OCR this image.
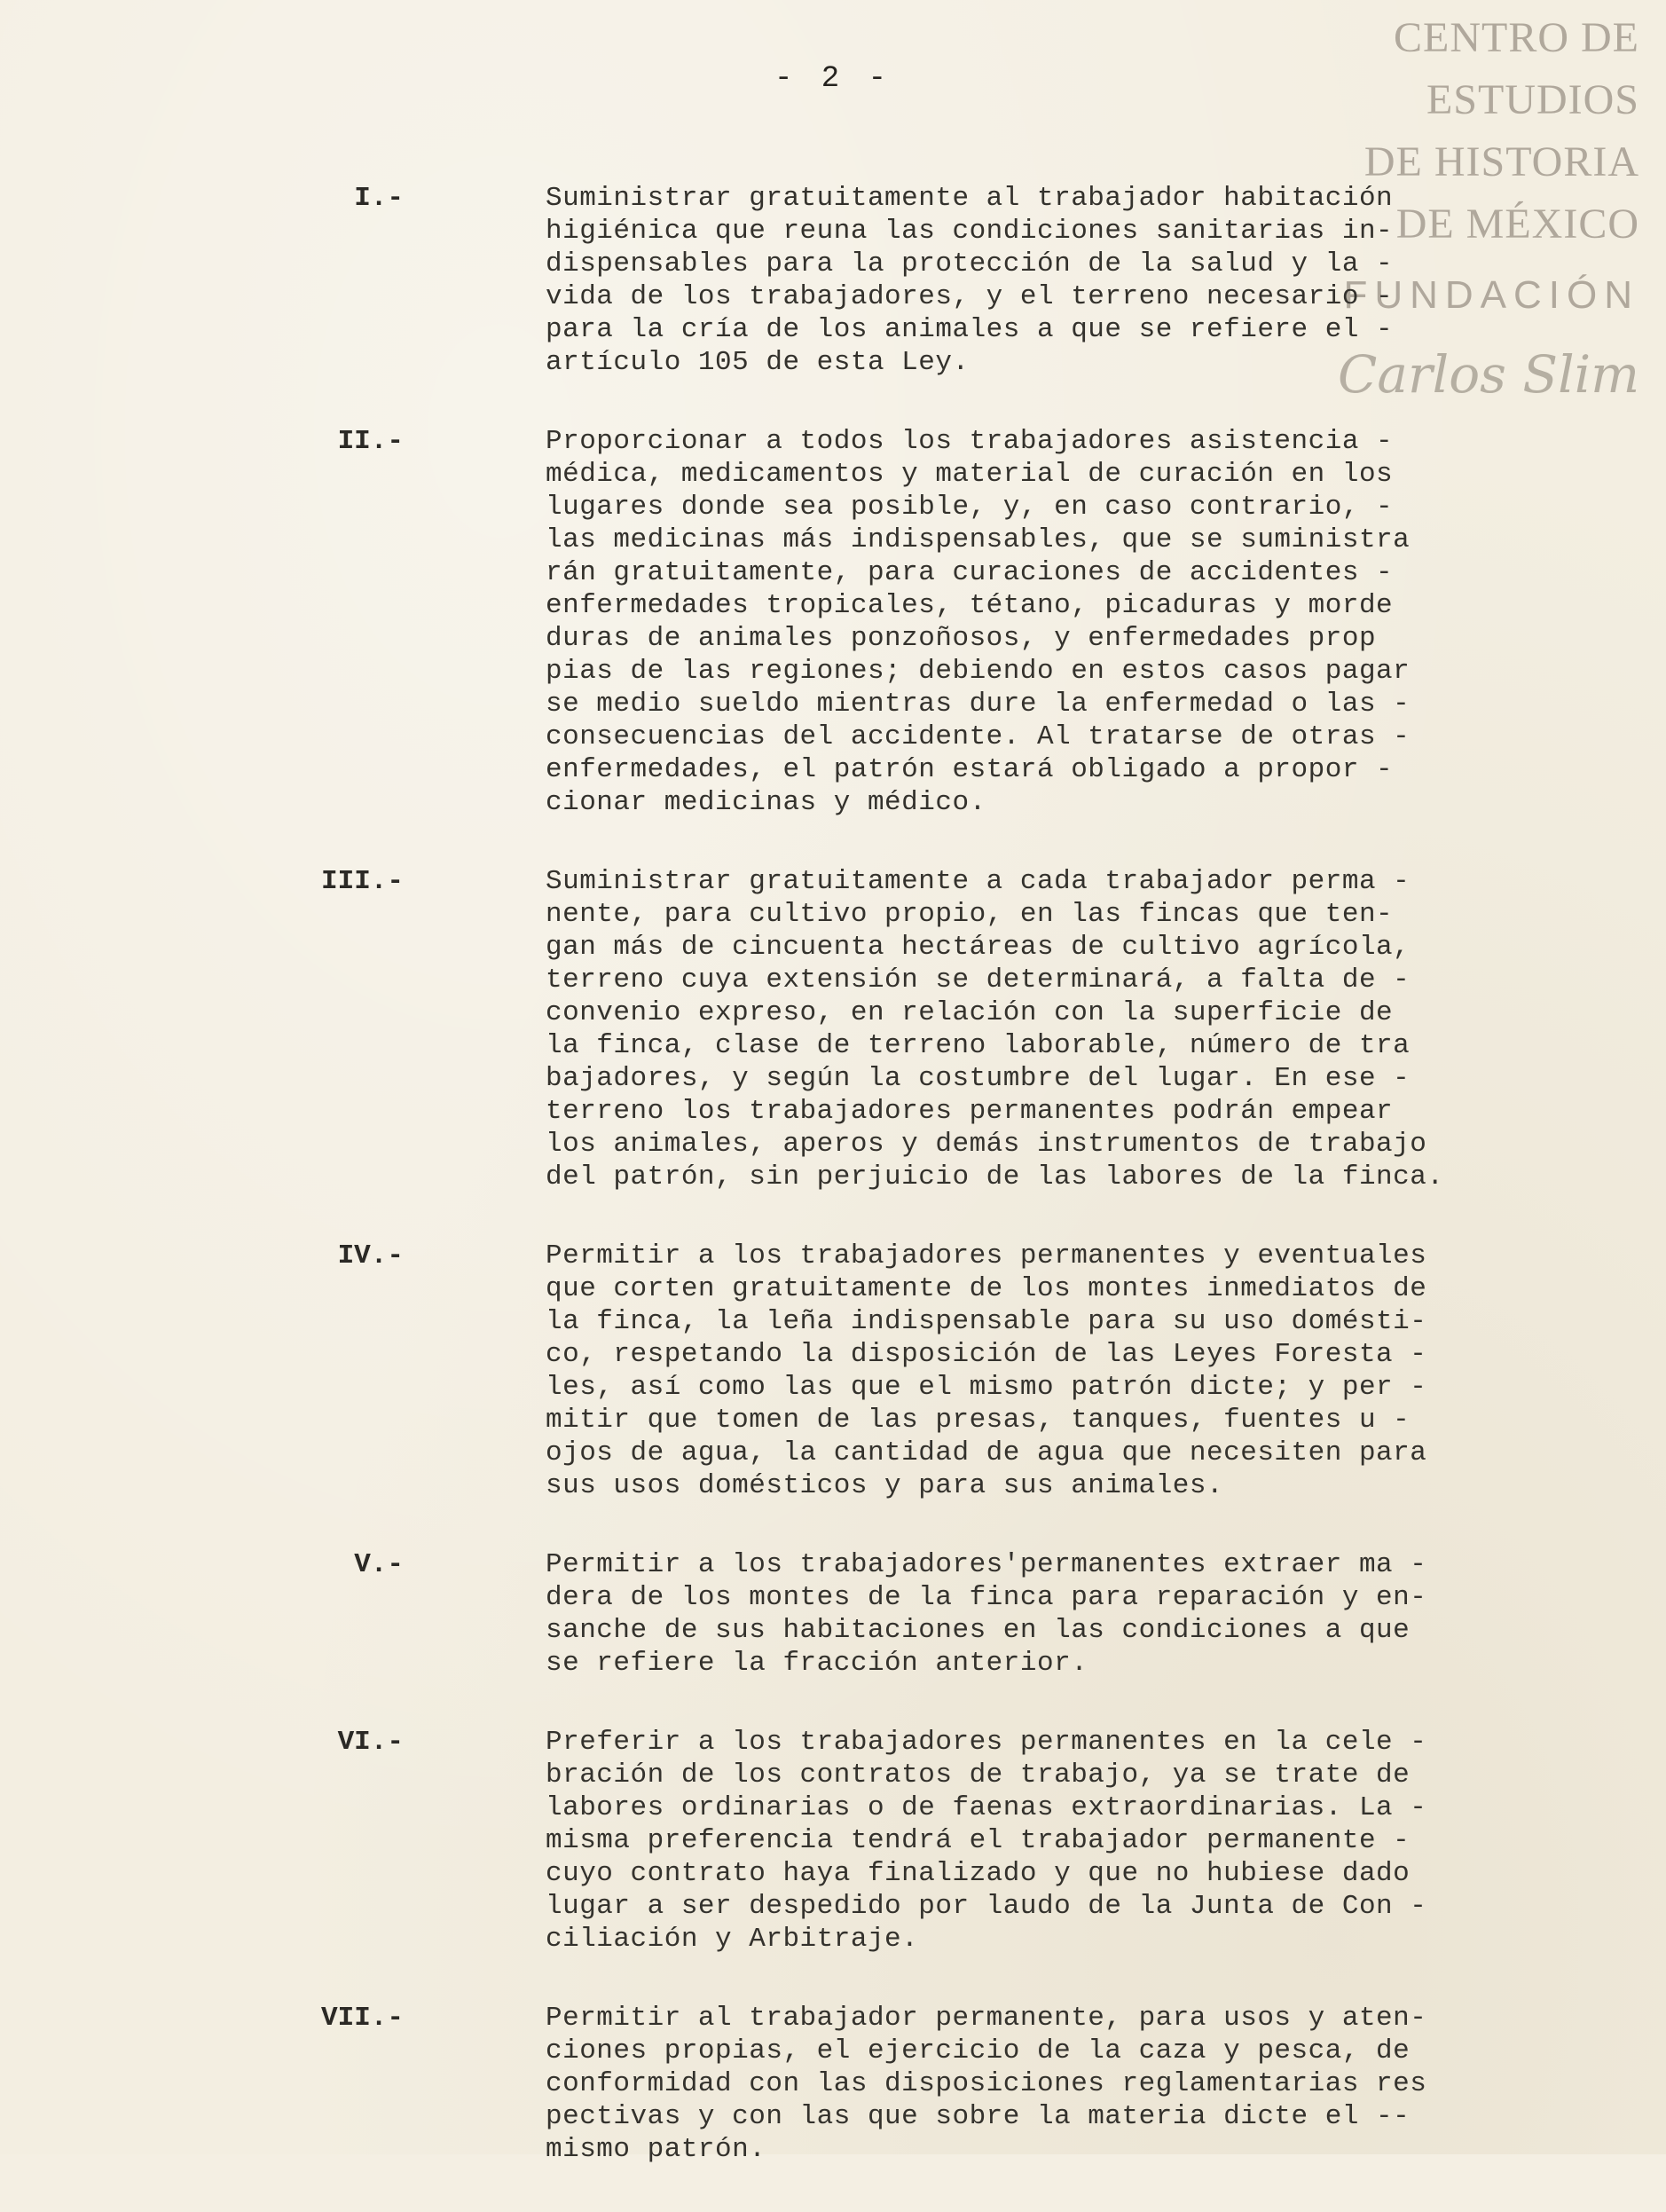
CENTRO DE
ESTUDIOS
DE HISTORIA
DE MÉXICO
FUNDACIÓN
Carlos Slim
- 2 -
I.-	Suministrar gratuitamente al trabajador habitación
higiénica que reuna las condiciones sanitarias in-
dispensables para la protección de la salud y la -
vida de los trabajadores, y el terreno necesario -
para la cría de los animales a que se refiere el -
artículo 105 de esta Ley.
II.-	Proporcionar a todos los trabajadores asistencia -
médica, medicamentos y material de curación en los
lugares donde sea posible, y, en caso contrario, -
las medicinas más indispensables, que se suministra
rán gratuitamente, para curaciones de accidentes -
enfermedades tropicales, tétano, picaduras y morde
duras de animales ponzoñosos, y enfermedades prop
pias de las regiones; debiendo en estos casos pagar
se medio sueldo mientras dure la enfermedad o las -
consecuencias del accidente. Al tratarse de otras -
enfermedades, el patrón estará obligado a propor -
cionar medicinas y médico.
III.-	Suministrar gratuitamente a cada trabajador perma -
nente, para cultivo propio, en las fincas que ten-
gan más de cincuenta hectáreas de cultivo agrícola,
terreno cuya extensión se determinará, a falta de -
convenio expreso, en relación con la superficie de
la finca, clase de terreno laborable, número de tra
bajadores, y según la costumbre del lugar. En ese -
terreno los trabajadores permanentes podrán empear
los animales, aperos y demás instrumentos de trabajo
del patrón, sin perjuicio de las labores de la finca.
IV.-	Permitir a los trabajadores permanentes y eventuales
que corten gratuitamente de los montes inmediatos de
la finca, la leña indispensable para su uso domésti-
co, respetando la disposición de las Leyes Foresta -
les, así como las que el mismo patrón dicte; y per -
mitir que tomen de las presas, tanques, fuentes u -
ojos de agua, la cantidad de agua que necesiten para
sus usos domésticos y para sus animales.
V.-	Permitir a los trabajadores'permanentes extraer ma -
dera de los montes de la finca para reparación y en-
sanche de sus habitaciones en las condiciones a que
se refiere la fracción anterior.
VI.-	Preferir a los trabajadores permanentes en la cele -
bración de los contratos de trabajo, ya se trate de
labores ordinarias o de faenas extraordinarias. La -
misma preferencia tendrá el trabajador permanente -
cuyo contrato haya finalizado y que no hubiese dado
lugar a ser despedido por laudo de la Junta de Con -
ciliación y Arbitraje.
VII.-	Permitir al trabajador permanente, para usos y aten-
ciones propias, el ejercicio de la caza y pesca, de
conformidad con las disposiciones reglamentarias res
pectivas y con las que sobre la materia dicte el --
mismo patrón.
